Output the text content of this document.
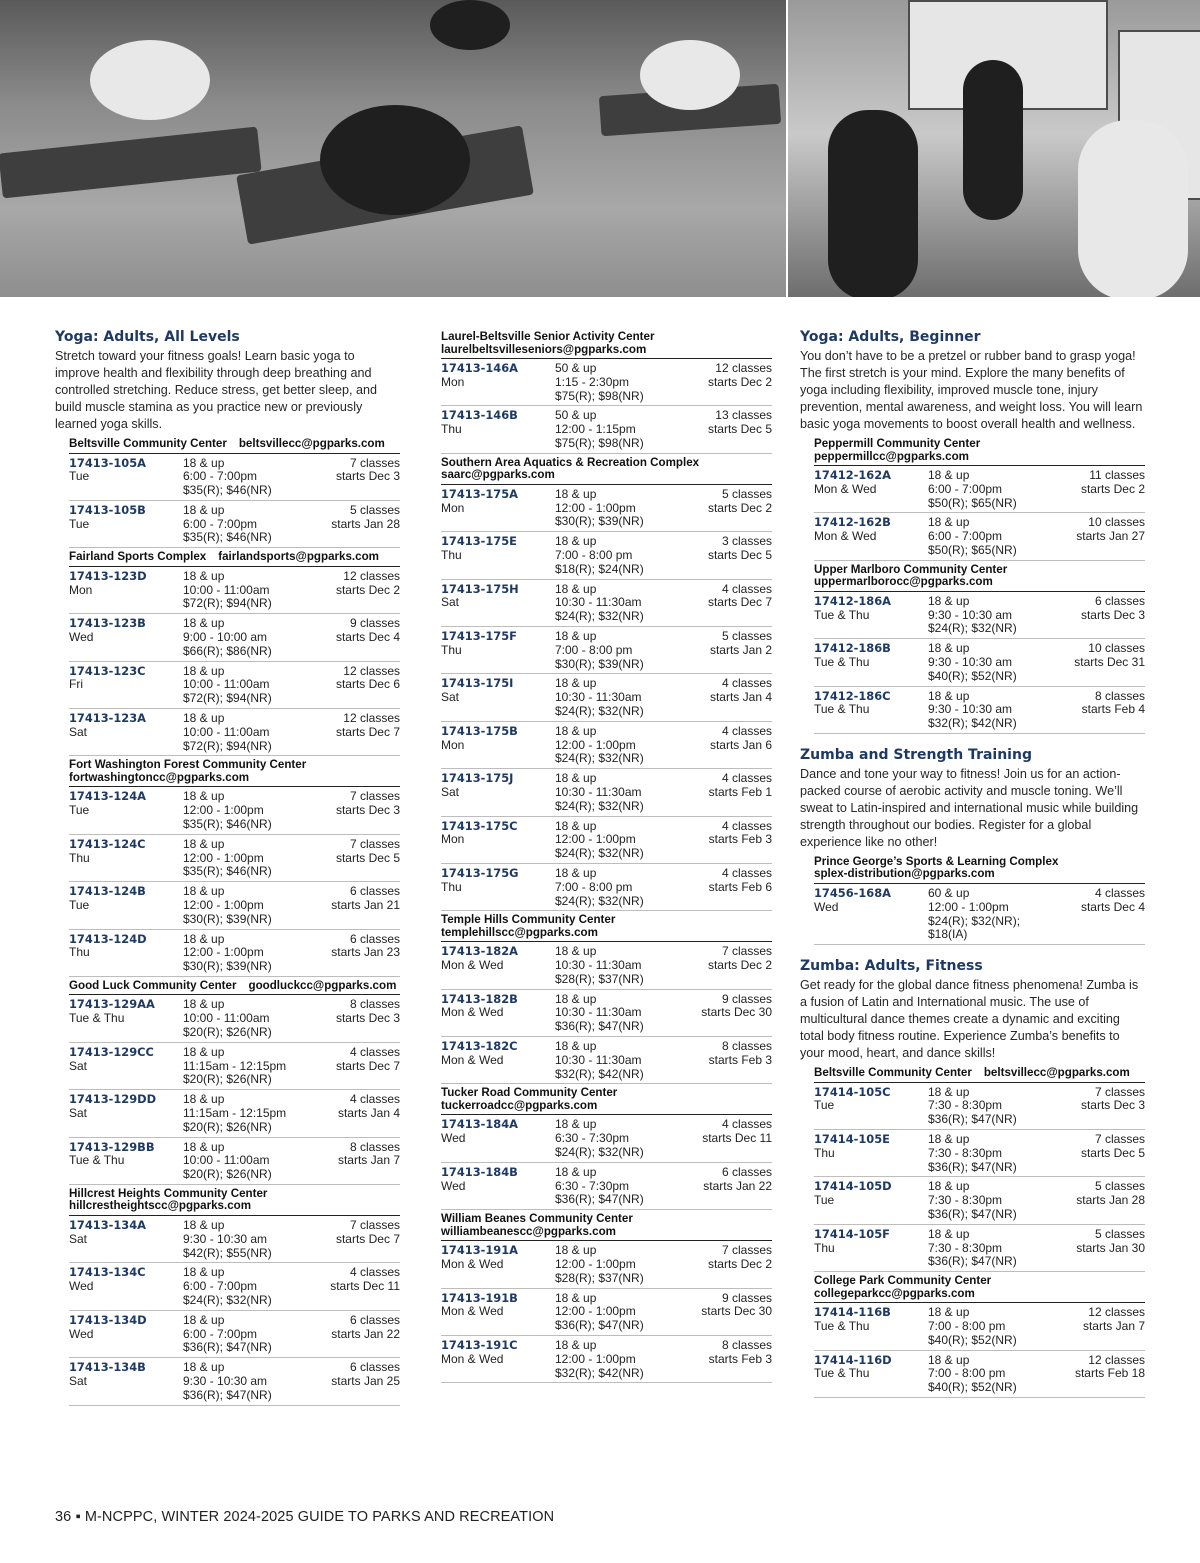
Yoga: Adults, All Levels
Stretch toward your fitness goals! Learn basic yoga to improve health and flexibility through deep breathing and controlled stretching. Reduce stress, get better sleep, and build muscle stamina as you practice new or previously learned yoga skills.
Beltsville Community Center beltsvillecc@pgparks.com
17413-105A
Tue
18 & up
6:00 - 7:00pm
$35(R); $46(NR)
7 classes
starts Dec 3
17413-105B
Tue
18 & up
6:00 - 7:00pm
$35(R); $46(NR)
5 classes
starts Jan 28
Fairland Sports Complex fairlandsports@pgparks.com
17413-123D
Mon
18 & up
10:00 - 11:00am
$72(R); $94(NR)
12 classes
starts Dec 2
17413-123B
Wed
18 & up
9:00 - 10:00 am
$66(R); $86(NR)
9 classes
starts Dec 4
17413-123C
Fri
18 & up
10:00 - 11:00am
$72(R); $94(NR)
12 classes
starts Dec 6
17413-123A
Sat
18 & up
10:00 - 11:00am
$72(R); $94(NR)
12 classes
starts Dec 7
Fort Washington Forest Community Center
fortwashingtoncc@pgparks.com
17413-124A
Tue
18 & up
12:00 - 1:00pm
$35(R); $46(NR)
7 classes
starts Dec 3
17413-124C
Thu
18 & up
12:00 - 1:00pm
$35(R); $46(NR)
7 classes
starts Dec 5
17413-124B
Tue
18 & up
12:00 - 1:00pm
$30(R); $39(NR)
6 classes
starts Jan 21
17413-124D
Thu
18 & up
12:00 - 1:00pm
$30(R); $39(NR)
6 classes
starts Jan 23
Good Luck Community Center goodluckcc@pgparks.com
17413-129AA
Tue & Thu
18 & up
10:00 - 11:00am
$20(R); $26(NR)
8 classes
starts Dec 3
17413-129CC
Sat
18 & up
11:15am - 12:15pm
$20(R); $26(NR)
4 classes
starts Dec 7
17413-129DD
Sat
18 & up
11:15am - 12:15pm
$20(R); $26(NR)
4 classes
starts Jan 4
17413-129BB
Tue & Thu
18 & up
10:00 - 11:00am
$20(R); $26(NR)
8 classes
starts Jan 7
Hillcrest Heights Community Center
hillcrestheightscc@pgparks.com
17413-134A
Sat
18 & up
9:30 - 10:30 am
$42(R); $55(NR)
7 classes
starts Dec 7
17413-134C
Wed
18 & up
6:00 - 7:00pm
$24(R); $32(NR)
4 classes
starts Dec 11
17413-134D
Wed
18 & up
6:00 - 7:00pm
$36(R); $47(NR)
6 classes
starts Jan 22
17413-134B
Sat
18 & up
9:30 - 10:30 am
$36(R); $47(NR)
6 classes
starts Jan 25
Laurel-Beltsville Senior Activity Center
laurelbeltsvilleseniors@pgparks.com
17413-146A
Mon
50 & up
1:15 - 2:30pm
$75(R); $98(NR)
12 classes
starts Dec 2
17413-146B
Thu
50 & up
12:00 - 1:15pm
$75(R); $98(NR)
13 classes
starts Dec 5
Southern Area Aquatics & Recreation Complex
saarc@pgparks.com
17413-175A
Mon
18 & up
12:00 - 1:00pm
$30(R); $39(NR)
5 classes
starts Dec 2
17413-175E
Thu
18 & up
7:00 - 8:00 pm
$18(R); $24(NR)
3 classes
starts Dec 5
17413-175H
Sat
18 & up
10:30 - 11:30am
$24(R); $32(NR)
4 classes
starts Dec 7
17413-175F
Thu
18 & up
7:00 - 8:00 pm
$30(R); $39(NR)
5 classes
starts Jan 2
17413-175I
Sat
18 & up
10:30 - 11:30am
$24(R); $32(NR)
4 classes
starts Jan 4
17413-175B
Mon
18 & up
12:00 - 1:00pm
$24(R); $32(NR)
4 classes
starts Jan 6
17413-175J
Sat
18 & up
10:30 - 11:30am
$24(R); $32(NR)
4 classes
starts Feb 1
17413-175C
Mon
18 & up
12:00 - 1:00pm
$24(R); $32(NR)
4 classes
starts Feb 3
17413-175G
Thu
18 & up
7:00 - 8:00 pm
$24(R); $32(NR)
4 classes
starts Feb 6
Temple Hills Community Center
templehillscc@pgparks.com
17413-182A
Mon & Wed
18 & up
10:30 - 11:30am
$28(R); $37(NR)
7 classes
starts Dec 2
17413-182B
Mon & Wed
18 & up
10:30 - 11:30am
$36(R); $47(NR)
9 classes
starts Dec 30
17413-182C
Mon & Wed
18 & up
10:30 - 11:30am
$32(R); $42(NR)
8 classes
starts Feb 3
Tucker Road Community Center
tuckerroadcc@pgparks.com
17413-184A
Wed
18 & up
6:30 - 7:30pm
$24(R); $32(NR)
4 classes
starts Dec 11
17413-184B
Wed
18 & up
6:30 - 7:30pm
$36(R); $47(NR)
6 classes
starts Jan 22
William Beanes Community Center
williambeanescc@pgparks.com
17413-191A
Mon & Wed
18 & up
12:00 - 1:00pm
$28(R); $37(NR)
7 classes
starts Dec 2
17413-191B
Mon & Wed
18 & up
12:00 - 1:00pm
$36(R); $47(NR)
9 classes
starts Dec 30
17413-191C
Mon & Wed
18 & up
12:00 - 1:00pm
$32(R); $42(NR)
8 classes
starts Feb 3
Yoga: Adults, Beginner
You don’t have to be a pretzel or rubber band to grasp yoga! The first stretch is your mind. Explore the many benefits of yoga including flexibility, improved muscle tone, injury prevention, mental awareness, and weight loss. You will learn basic yoga movements to boost overall health and wellness.
Peppermill Community Center
peppermillcc@pgparks.com
17412-162A
Mon & Wed
18 & up
6:00 - 7:00pm
$50(R); $65(NR)
11 classes
starts Dec 2
17412-162B
Mon & Wed
18 & up
6:00 - 7:00pm
$50(R); $65(NR)
10 classes
starts Jan 27
Upper Marlboro Community Center
uppermarlborocc@pgparks.com
17412-186A
Tue & Thu
18 & up
9:30 - 10:30 am
$24(R); $32(NR)
6 classes
starts Dec 3
17412-186B
Tue & Thu
18 & up
9:30 - 10:30 am
$40(R); $52(NR)
10 classes
starts Dec 31
17412-186C
Tue & Thu
18 & up
9:30 - 10:30 am
$32(R); $42(NR)
8 classes
starts Feb 4
Zumba and Strength Training
Dance and tone your way to fitness! Join us for an action-packed course of aerobic activity and muscle toning. We’ll sweat to Latin-inspired and international music while building strength throughout our bodies. Register for a global experience like no other!
Prince George’s Sports & Learning Complex
splex-distribution@pgparks.com
17456-168A
Wed
60 & up
12:00 - 1:00pm
$24(R); $32(NR); $18(IA)
4 classes
starts Dec 4
Zumba: Adults, Fitness
Get ready for the global dance fitness phenomena! Zumba is a fusion of Latin and International music. The use of multicultural dance themes create a dynamic and exciting total body fitness routine. Experience Zumba’s benefits to your mood, heart, and dance skills!
Beltsville Community Center beltsvillecc@pgparks.com
17414-105C
Tue
18 & up
7:30 - 8:30pm
$36(R); $47(NR)
7 classes
starts Dec 3
17414-105E
Thu
18 & up
7:30 - 8:30pm
$36(R); $47(NR)
7 classes
starts Dec 5
17414-105D
Tue
18 & up
7:30 - 8:30pm
$36(R); $47(NR)
5 classes
starts Jan 28
17414-105F
Thu
18 & up
7:30 - 8:30pm
$36(R); $47(NR)
5 classes
starts Jan 30
College Park Community Center
collegeparkcc@pgparks.com
17414-116B
Tue & Thu
18 & up
7:00 - 8:00 pm
$40(R); $52(NR)
12 classes
starts Jan 7
17414-116D
Tue & Thu
18 & up
7:00 - 8:00 pm
$40(R); $52(NR)
12 classes
starts Feb 18
36 ▪ M-NCPPC, WINTER 2024-2025 GUIDE TO PARKS AND RECREATION
